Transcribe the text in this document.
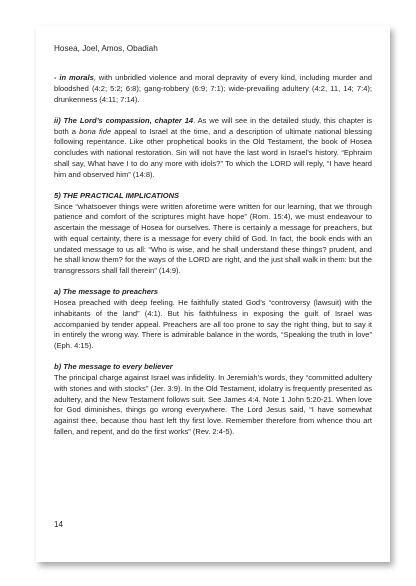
Hosea, Joel, Amos, Obadiah

- in morals, with unbridled violence and moral depravity of every kind, including murder and bloodshed (4:2; 5:2; 6:8); gang-robbery (6:9; 7:1); wide-prevailing adultery (4:2, 11, 14; 7:4); drunkenness (4:11; 7:14).

ii) The Lord’s compassion, chapter 14. As we will see in the detailed study, this chapter is both a bona fide appeal to Israel at the time, and a description of ultimate national blessing following repentance. Like other prophetical books in the Old Testament, the book of Hosea concludes with national restoration. Sin will not have the last word in Israel’s history. “Ephraim shall say, What have I to do any more with idols?” To which the LORD will reply, “I have heard him and observed him” (14:8).

5) THE PRACTICAL IMPLICATIONS

Since “whatsoever things were written aforetime were written for our learning, that we through patience and comfort of the scriptures might have hope” (Rom. 15:4), we must endeavour to ascertain the message of Hosea for ourselves. There is certainly a message for preachers, but with equal certainty, there is a message for every child of God. In fact, the book ends with an undated message to us all: “Who is wise, and he shall understand these things? prudent, and he shall know them? for the ways of the LORD are right, and the just shall walk in them: but the transgressors shall fall therein” (14:9).

a) The message to preachers

Hosea preached with deep feeling. He faithfully stated God’s “controversy (lawsuit) with the inhabitants of the land” (4:1). But his faithfulness in exposing the guilt of Israel was accompanied by tender appeal. Preachers are all too prone to say the right thing, but to say it in entirely the wrong way. There is admirable balance in the words, “Speaking the truth in love” (Eph. 4:15).

b) The message to every believer

The principal charge against Israel was infidelity. In Jeremiah’s words, they “committed adultery with stones and with stocks” (Jer. 3:9). In the Old Testament, idolatry is frequently presented as adultery, and the New Testament follows suit. See James 4:4. Note 1 John 5:20-21. When love for God diminishes, things go wrong everywhere. The Lord Jesus said, “I have somewhat against thee, because thou hast left thy first love. Remember therefore from whence thou art fallen, and repent, and do the first works” (Rev. 2:4-5).
14
